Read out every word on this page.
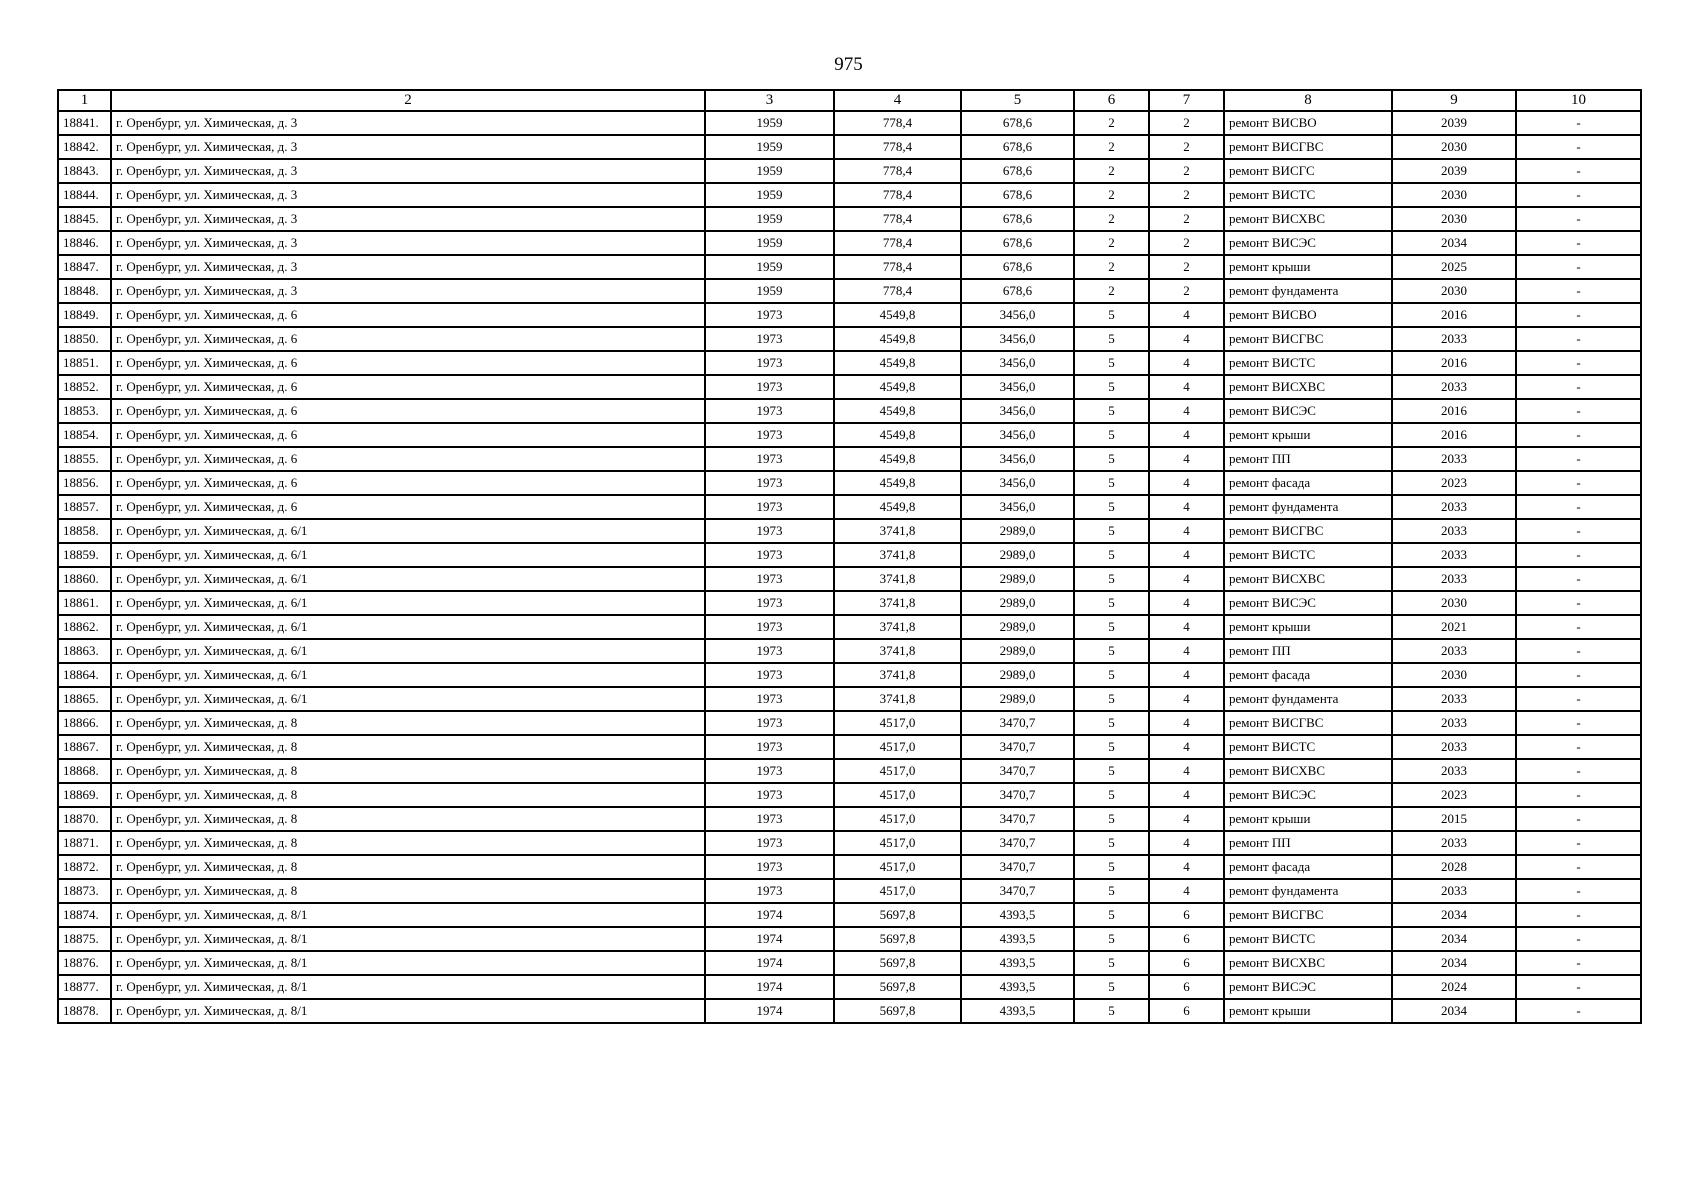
975
1	2	3	4	5	6	7	8	9	10
18841.	г. Оренбург, ул. Химическая, д. 3	1959	778,4	678,6	2	2	ремонт ВИСВО	2039	-
18842.	г. Оренбург, ул. Химическая, д. 3	1959	778,4	678,6	2	2	ремонт ВИСГВС	2030	-
18843.	г. Оренбург, ул. Химическая, д. 3	1959	778,4	678,6	2	2	ремонт ВИСГС	2039	-
18844.	г. Оренбург, ул. Химическая, д. 3	1959	778,4	678,6	2	2	ремонт ВИСТС	2030	-
18845.	г. Оренбург, ул. Химическая, д. 3	1959	778,4	678,6	2	2	ремонт ВИСХВС	2030	-
18846.	г. Оренбург, ул. Химическая, д. 3	1959	778,4	678,6	2	2	ремонт ВИСЭС	2034	-
18847.	г. Оренбург, ул. Химическая, д. 3	1959	778,4	678,6	2	2	ремонт крыши	2025	-
18848.	г. Оренбург, ул. Химическая, д. 3	1959	778,4	678,6	2	2	ремонт фундамента	2030	-
18849.	г. Оренбург, ул. Химическая, д. 6	1973	4549,8	3456,0	5	4	ремонт ВИСВО	2016	-
18850.	г. Оренбург, ул. Химическая, д. 6	1973	4549,8	3456,0	5	4	ремонт ВИСГВС	2033	-
18851.	г. Оренбург, ул. Химическая, д. 6	1973	4549,8	3456,0	5	4	ремонт ВИСТС	2016	-
18852.	г. Оренбург, ул. Химическая, д. 6	1973	4549,8	3456,0	5	4	ремонт ВИСХВС	2033	-
18853.	г. Оренбург, ул. Химическая, д. 6	1973	4549,8	3456,0	5	4	ремонт ВИСЭС	2016	-
18854.	г. Оренбург, ул. Химическая, д. 6	1973	4549,8	3456,0	5	4	ремонт крыши	2016	-
18855.	г. Оренбург, ул. Химическая, д. 6	1973	4549,8	3456,0	5	4	ремонт ПП	2033	-
18856.	г. Оренбург, ул. Химическая, д. 6	1973	4549,8	3456,0	5	4	ремонт фасада	2023	-
18857.	г. Оренбург, ул. Химическая, д. 6	1973	4549,8	3456,0	5	4	ремонт фундамента	2033	-
18858.	г. Оренбург, ул. Химическая, д. 6/1	1973	3741,8	2989,0	5	4	ремонт ВИСГВС	2033	-
18859.	г. Оренбург, ул. Химическая, д. 6/1	1973	3741,8	2989,0	5	4	ремонт ВИСТС	2033	-
18860.	г. Оренбург, ул. Химическая, д. 6/1	1973	3741,8	2989,0	5	4	ремонт ВИСХВС	2033	-
18861.	г. Оренбург, ул. Химическая, д. 6/1	1973	3741,8	2989,0	5	4	ремонт ВИСЭС	2030	-
18862.	г. Оренбург, ул. Химическая, д. 6/1	1973	3741,8	2989,0	5	4	ремонт крыши	2021	-
18863.	г. Оренбург, ул. Химическая, д. 6/1	1973	3741,8	2989,0	5	4	ремонт ПП	2033	-
18864.	г. Оренбург, ул. Химическая, д. 6/1	1973	3741,8	2989,0	5	4	ремонт фасада	2030	-
18865.	г. Оренбург, ул. Химическая, д. 6/1	1973	3741,8	2989,0	5	4	ремонт фундамента	2033	-
18866.	г. Оренбург, ул. Химическая, д. 8	1973	4517,0	3470,7	5	4	ремонт ВИСГВС	2033	-
18867.	г. Оренбург, ул. Химическая, д. 8	1973	4517,0	3470,7	5	4	ремонт ВИСТС	2033	-
18868.	г. Оренбург, ул. Химическая, д. 8	1973	4517,0	3470,7	5	4	ремонт ВИСХВС	2033	-
18869.	г. Оренбург, ул. Химическая, д. 8	1973	4517,0	3470,7	5	4	ремонт ВИСЭС	2023	-
18870.	г. Оренбург, ул. Химическая, д. 8	1973	4517,0	3470,7	5	4	ремонт крыши	2015	-
18871.	г. Оренбург, ул. Химическая, д. 8	1973	4517,0	3470,7	5	4	ремонт ПП	2033	-
18872.	г. Оренбург, ул. Химическая, д. 8	1973	4517,0	3470,7	5	4	ремонт фасада	2028	-
18873.	г. Оренбург, ул. Химическая, д. 8	1973	4517,0	3470,7	5	4	ремонт фундамента	2033	-
18874.	г. Оренбург, ул. Химическая, д. 8/1	1974	5697,8	4393,5	5	6	ремонт ВИСГВС	2034	-
18875.	г. Оренбург, ул. Химическая, д. 8/1	1974	5697,8	4393,5	5	6	ремонт ВИСТС	2034	-
18876.	г. Оренбург, ул. Химическая, д. 8/1	1974	5697,8	4393,5	5	6	ремонт ВИСХВС	2034	-
18877.	г. Оренбург, ул. Химическая, д. 8/1	1974	5697,8	4393,5	5	6	ремонт ВИСЭС	2024	-
18878.	г. Оренбург, ул. Химическая, д. 8/1	1974	5697,8	4393,5	5	6	ремонт крыши	2034	-
